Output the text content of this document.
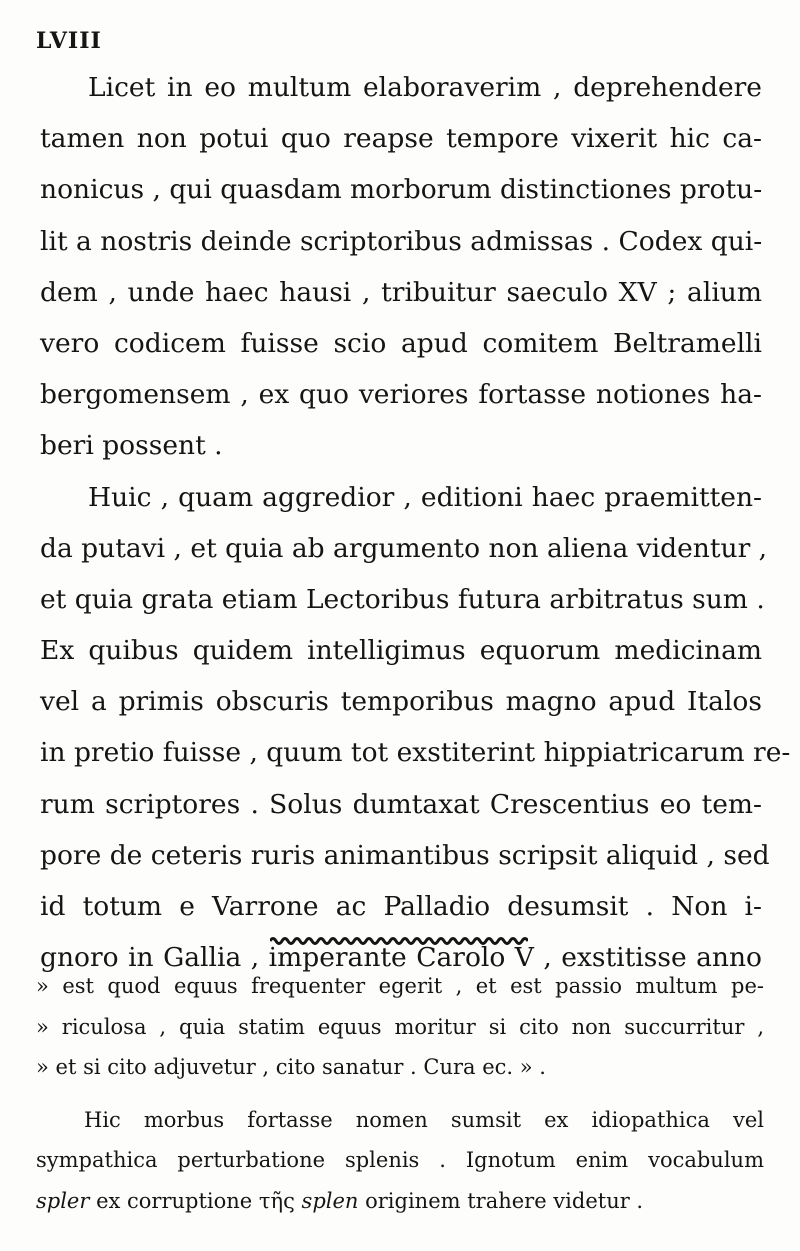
LVIII
Licet in eo multum elaboraverim , deprehendere
tamen non potui quo reapse tempore vixerit hic ca-
nonicus , qui quasdam morborum distinctiones protu-
lit a nostris deinde scriptoribus admissas . Codex qui-
dem , unde haec hausi , tribuitur saeculo XV ; alium
vero codicem fuisse scio apud comitem Beltramelli
bergomensem , ex quo veriores fortasse notiones ha-
beri possent .
Huic , quam aggredior , editioni haec praemitten-
da putavi , et quia ab argumento non aliena videntur ,
et quia grata etiam Lectoribus futura arbitratus sum .
Ex quibus quidem intelligimus equorum medicinam
vel a primis obscuris temporibus magno apud Italos
in pretio fuisse , quum tot exstiterint hippiatricarum re-
rum scriptores . Solus dumtaxat Crescentius eo tem-
pore de ceteris ruris animantibus scripsit aliquid , sed
id totum e Varrone ac Palladio desumsit . Non i-
gnoro in Gallia , imperante Carolo V , exstitisse anno
» est quod equus frequenter egerit , et est passio multum pe-
» riculosa , quia statim equus moritur si cito non succurritur ,
» et si cito adjuvetur , cito sanatur . Cura ec. » .
Hic morbus fortasse nomen sumsit ex idiopathica vel
sympathica perturbatione splenis . Ignotum enim vocabulum
spler ex corruptione τῆς splen originem trahere videtur .
